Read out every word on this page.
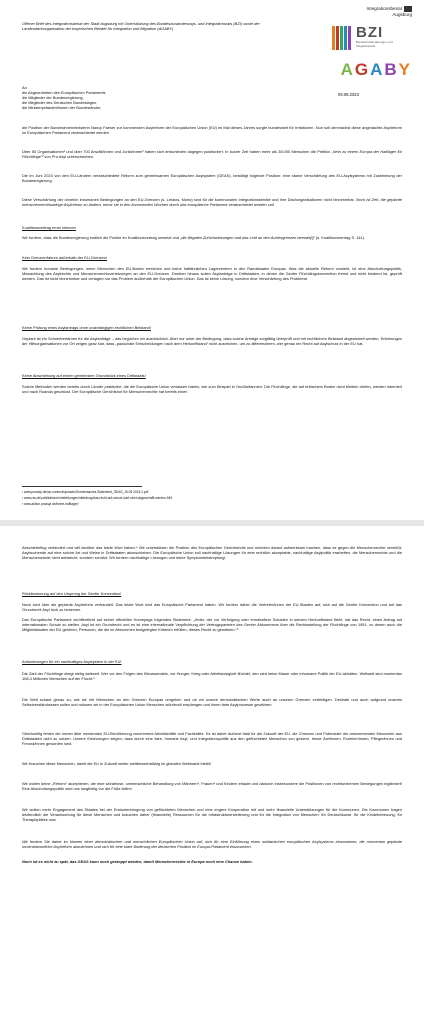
Offener Brief des Integrationsbeirat der Stadt Augsburg mit Unterstützung des Bundeszuwanderungs- und Integrationsrats (BZI) sowie der Landesdachorganisation der bayerischen Beiräte für Integration und Migration (AGABY)

Integrationsbeirat
Augsburg
BZI
Bundeszuwanderungs- und Integrationsrat
AGABY
An
die Abgeordneten des Europäischen Parlaments
die Mitglieder der Bundesregierung,
die Mitglieder des Deutschen Bundestages,
die Ministerpräsident/innen der Bundesländer,
09.08.2023

die Position der Bundesinnenministerin Nancy Faeser zur kommenden Asylreform der Europäischen Union (EU) im Mai dieses Jahres sorgte bundesweit für Irritationen. Nun soll demnächst diese angedachte Asylreform im Europäischen Parlament verabschiedet werden.

Über 50 Organisationen¹ und über 700 Anwält/innen und Jurist/innen² haben sich entschieden dagegen positioniert. In kurzer Zeit haben mehr als 35.000 Menschen die Petition „Nein zu einem Europa der Haftlager für Flüchtlinge“³ von Pro Asyl unterschrieben.

Die im Juni 2023 von den EU-Ländern verabschiedete Reform zum gemeinsamen Europäischen Asylsystem (GEAS), bestätigt folgende Position: eine starke Verschärfung des EU-Asylsystems mit Zustimmung der Bundesregierung.

Diese Verschärfung der ohnehin inhumanen Bedingungen an den EU-Grenzen (s. Lesbos, Moria) sind für die kommunalen Integrationsbeiräte und ihre Dachorganisationen nicht hinnehmbar. Noch ist Zeit, die geplante menschenrechtswidrige Asylreform zu ändern, bevor sie in den kommenden Wochen durch das europäische Parlament verabschiedet werden soll.

Koalitionsvertrag ernst nehmen

Wir fordern, dass die Bundesregierung endlich die Punkte im Koalitionsvertrag umsetzt und „die illegalen Zurückweisungen und das Leid an den Außengrenzen beende[t]“ (s. Koalitionsvertrag S. 141).

Kein Grenzverfahren außerhalb der EU-Grenzen!

Wir fordern humane Bedingungen, wenn Menschen den EU-Boden erreichen und keine haftähnlichen Lagerzentren in den Randstaaten Europas. Was die aktuelle Reform vorsieht, ist eine Abschottungspolitik, Missachtung des Asylrechts und Menschenrechtsverletzungen an den EU-Grenzen. Darüber hinaus sollen Asylanträge in Drittstaaten, in denen die Genfer Flüchtlingskonvention fremd und nicht bindend ist, geprüft werden. Das ist nicht hinnehmbar und verlagert nur das Problem außerhalb der Europäischen Union. Das ist keine Lösung, sondern eine Verschärfung des Problems!

Keine Prüfung eines Asylantrags ohne unabhängigen rechtlichen Beistand!

Geplant ist ein Schnellverfahren für die Asylanträge – das begrüßen wir ausdrücklich. Aber nur unter der Bedingung, dass solche Anträge sorgfältig überprüft und mit rechtlichem Beistand abgewickelt werden. Erfahrungen der Hilfsorganisationen vor Ort zeigen ganz klar, dass „pauschale Entscheidungen nach dem Herkunftsland“ nicht ausreichen, um zu differenzieren, wer genau ein Recht auf Asylschutz in der EU hat.

Keine Abschiebung auf einem gemeinsten Grundstück eines Drittstaats!

Solche Methoden werden bereits durch Länder praktiziert, die die Europäische Union verlassen haben, wie zum Beispiel in Großbritannien: Die Flüchtlinge, die auf britischem Boden nicht bleiben dürfen, werden interniert und nach Ruanda geschickt. Der Europäische Gerichtshof für Menschenrechte hat bereits einen

¹ www.proasyl.de/wp-content/uploads/Gemeinsames-Statement_GEAS_16.05.2023-2.pdf
² www.rav.de/publikationen/mitteilungen/mitteilung/das-recht-auf-schutz-darf-nicht-abgeschafft-werden-949
³ www.aktion.proasyl.de/keine-haftlager/

Abschiebeflug verhindert und will darüber das letzte Wort haben.⁴ Wir unterstützen die Position des Europäischen Gerichtshofs und möchten darauf aufmerksam machen, dass es gegen die Menschenrechte verstößt, Asylsuchende auf eine solche Art und Weise in Drittstaaten abzuschieben. Die Europäische Union soll nachhaltige Lösungen für eine rechtlich akzeptable, nachhaltige Asylpolitik erarbeiten, die Menschenrechte und die Menschenwürde nicht aufweicht, sondern schützt. Wir fordern nachhaltige Lösungen und keine Symptombekämpfung!

Rückbesinnung auf den Ursprung der Genfer Konvention!

Noch wird über die geplante Asylreform verhandelt. Das letzte Wort wird das Europäische Parlament haben. Wir fordern daher die Vertreter/innen der EU-Staaten auf, sich auf die Genfer Konvention und auf das Grundrecht Asyl rück zu besinnen.

Das Europäische Parlament veröffentlicht auf seiner offiziellen Homepage folgendes Statement: „Jeder, der vor Verfolgung oder ernsthaftem Schaden in seinem Herkunftsland flieht, hat das Recht, einen Antrag auf internationalen Schutz zu stellen. Asyl ist ein Grundrecht und es ist eine internationale Verpflichtung der Vertragsparteien des Genfer Abkommens über die Rechtsstellung der Flüchtlinge von 1951, zu denen auch die Mitgliedstaaten der EU gehören, Personen, die die im Abkommen festgelegten Kriterien erfüllen, dieses Recht zu gewähren.“⁵

Anforderungen für ein nachhaltiges Asylsystem in der EU!

Die Zahl der Flüchtlinge steigt stetig weltweit. Wer vor den Folgen des Klimawandels, vor Hunger, Krieg oder Arbeitslosigkeit flüchtet, den wird keine Mauer oder inhumane Politik der EU abhalten. Weltweit sind momentan 108,4 Millionen Menschen auf der Flucht.⁶

Die Welt schaut genau zu, wie wir mit Menschen an den Grenzen Europas umgehen und ob wir unsere demokratischen Werte auch an unseren Grenzen verteidigen. Deshalb und auch aufgrund unseres Selbstverständnisses sollen und müssen wir in der Europäischen Union Menschen würdevoll empfangen und ihnen faire Asylprozesse gewähren.

Gleichzeitig fehlen der immer älter werdenden EU-Bevölkerung zunehmend Arbeitskräfte und Fachkräfte. Es ist daher äußerst fatal für die Zukunft der EU, die Chancen und Potenziale der ankommenden Menschen aus Drittstaaten nicht zu nutzen. Unsere Erfahrungen zeigen, dass durch eine faire, humane Asyl- und Integrationspolitik aus den geflüchteten Menschen von gestern, heute Ärzt/innen, Erzieher/innen, Pfleger/innen und Freund/innen geworden sind.

Wir brauchen diese Menschen, damit die EU in Zukunft weiter wettbewerbsfähig im globalen Weltmarkt bleibt!

Wir wollen keine „Reform“ akzeptieren, die eine würdelose, unmenschliche Behandlung von Männern*, Frauen* und Kindern erlaubt und dadurch insbesondere die Positionen von rechtsextremen Bewegungen legitimiert! Eine Abschottungspolitik wird uns langfristig vor die Füße fallen!

Wir wollen mehr Engagement des Staates bei der Erstunterbringung von geflüchteten Menschen und eine engere Kooperation mit und mehr finanzielle Unterstützungen für die Kommunen. Die Kommunen tragen letztendlich die Verantwortung für diese Menschen und brauchen daher (finanzielle) Ressourcen für die Infrastrukturerweiterung und für die Integration von Menschen: für Deutschkurse, für die Kindebetreuung, für Therapieplätze usw.

Wir fordern Sie daher im Namen einer demokratischen und menschlichen Europäischen Union auf, sich für eine Einführung eines solidarischen europäischen Asylsystems einzusetzen, die momentan geplante unverantwortliche Asylreform abzulehnen und sich für eine klare Änderung der deutschen Position im Europa-Parlament einzusetzen.

Noch ist es nicht zu spät, das GEAS kann noch gestoppt werden, damit Menschenrechte in Europa noch eine Chance haben.
